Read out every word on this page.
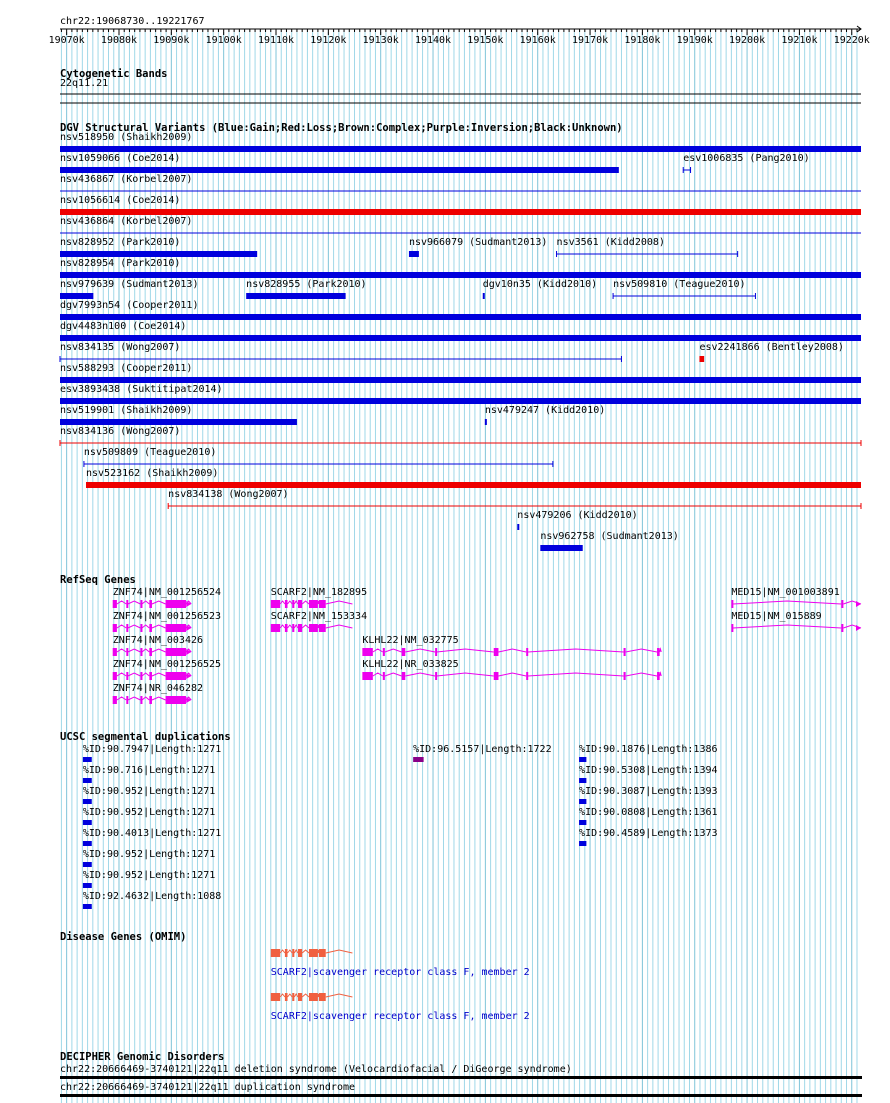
chr22:19068730..19221767
19070k 19080k 19090k 19100k 19110k 19120k 19130k 19140k 19150k 19160k 19170k 19180k 19190k 19200k 19210k 19220k
Cytogenetic Bands
22q11.21
DGV Structural Variants (Blue:Gain;Red:Loss;Brown:Complex;Purple:Inversion;Black:Unknown)
nsv518950 (Shaikh2009)
nsv1059066 (Coe2014)	esv1006835 (Pang2010)
nsv436867 (Korbel2007)
nsv1056614 (Coe2014)
nsv436864 (Korbel2007)
nsv828952 (Park2010)	nsv966079 (Sudmant2013) nsv3561 (Kidd2008)
nsv828954 (Park2010)
nsv979639 (Sudmant2013)	nsv828955 (Park2010)	dgv10n35 (Kidd2010) nsv509810 (Teague2010)
dgv7993n54 (Cooper2011)
dgv4483n100 (Coe2014)
nsv834135 (Wong2007)	esv2241866 (Bentley2008)
nsv588293 (Cooper2011)
esv3893438 (Suktitipat2014)
nsv519901 (Shaikh2009)	nsv479247 (Kidd2010)
nsv834136 (Wong2007)
nsv509809 (Teague2010)
nsv523162 (Shaikh2009)
nsv834138 (Wong2007)
nsv479206 (Kidd2010)
nsv962758 (Sudmant2013)
RefSeq Genes
ZNF74|NM_001256524	SCARF2|NM_182895	MED15|NM_001003891
ZNF74|NM_001256523	SCARF2|NM_153334	MED15|NM_015889
ZNF74|NM_003426	KLHL22|NM_032775
ZNF74|NM_001256525	KLHL22|NR_033825
ZNF74|NR_046282
UCSC segmental duplications
%ID:90.7947|Length:1271	%ID:96.5157|Length:1722	%ID:90.1876|Length:1386
%ID:90.716|Length:1271	%ID:90.5308|Length:1394
%ID:90.952|Length:1271	%ID:90.3087|Length:1393
%ID:90.952|Length:1271	%ID:90.0808|Length:1361
%ID:90.4013|Length:1271	%ID:90.4589|Length:1373
%ID:90.952|Length:1271
%ID:90.952|Length:1271
%ID:92.4632|Length:1088
Disease Genes (OMIM)
SCARF2|scavenger receptor class F, member 2
SCARF2|scavenger receptor class F, member 2
DECIPHER Genomic Disorders
chr22:20666469-3740121|22q11 deletion syndrome (Velocardiofacial / DiGeorge syndrome)
chr22:20666469-3740121|22q11 duplication syndrome
